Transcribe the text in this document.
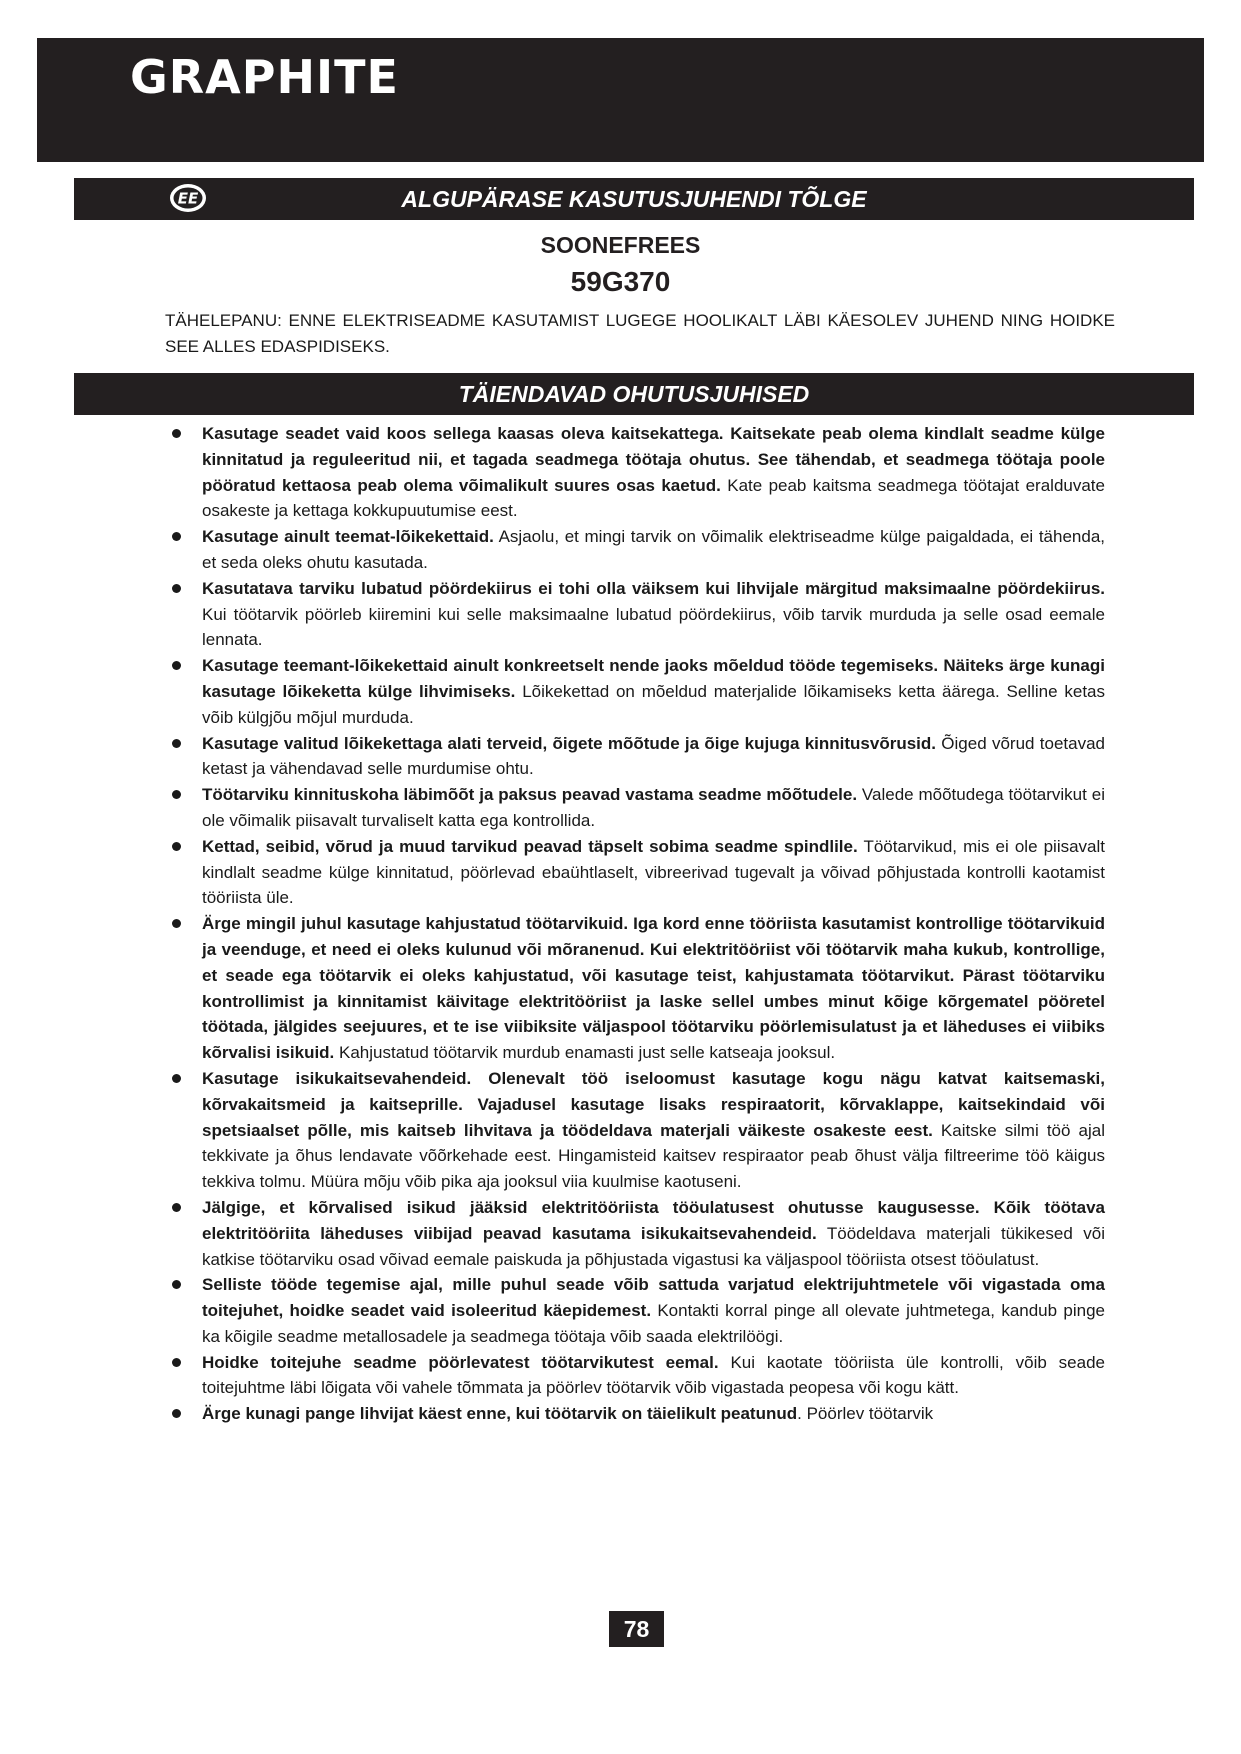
GRAPHITE
EE	ALGUPÄRASE KASUTUSJUHENDI TÕLGE
SOONEFREES
59G370
TÄHELEPANU: ENNE ELEKTRISEADME KASUTAMIST LUGEGE HOOLIKALT LÄBI KÄESOLEV JUHEND NING HOIDKE SEE ALLES EDASPIDISEKS.
TÄIENDAVAD OHUTUSJUHISED
Kasutage seadet vaid koos sellega kaasas oleva kaitsekattega. Kaitsekate peab olema kindlalt seadme külge kinnitatud ja reguleeritud nii, et tagada seadmega töötaja ohutus. See tähendab, et seadmega töötaja poole pööratud kettaosa peab olema võimalikult suures osas kaetud. Kate peab kaitsma seadmega töötajat eralduvate osakeste ja kettaga kokkupuutumise eest.
Kasutage ainult teemat-lõikekettaid. Asjaolu, et mingi tarvik on võimalik elektriseadme külge paigaldada, ei tähenda, et seda oleks ohutu kasutada.
Kasutatava tarviku lubatud pöördekiirus ei tohi olla väiksem kui lihvijale märgitud maksimaalne pöördekiirus. Kui töötarvik pöörleb kiiremini kui selle maksimaalne lubatud pöördekiirus, võib tarvik murduda ja selle osad eemale lennata.
Kasutage teemant-lõikekettaid ainult konkreetselt nende jaoks mõeldud tööde tegemiseks. Näiteks ärge kunagi kasutage lõikeketta külge lihvimiseks. Lõikekettad on mõeldud materjalide lõikamiseks ketta äärega. Selline ketas võib külgjõu mõjul murduda.
Kasutage valitud lõikekettaga alati terveid, õigete mõõtude ja õige kujuga kinnitusvõrusid. Õiged võrud toetavad ketast ja vähendavad selle murdumise ohtu.
Töötarviku kinnituskoha läbimõõt ja paksus peavad vastama seadme mõõtudele. Valede mõõtudega töötarvikut ei ole võimalik piisavalt turvaliselt katta ega kontrollida.
Kettad, seibid, võrud ja muud tarvikud peavad täpselt sobima seadme spindlile. Töötarvikud, mis ei ole piisavalt kindlalt seadme külge kinnitatud, pöörlevad ebaühtlaselt, vibreerivad tugevalt ja võivad põhjustada kontrolli kaotamist tööriista üle.
Ärge mingil juhul kasutage kahjustatud töötarvikuid. Iga kord enne tööriista kasutamist kontrollige töötarvikuid ja veenduge, et need ei oleks kulunud või mõranenud. Kui elektritööriist või töötarvik maha kukub, kontrollige, et seade ega töötarvik ei oleks kahjustatud, või kasutage teist, kahjustamata töötarvikut. Pärast töötarviku kontrollimist ja kinnitamist käivitage elektritööriist ja laske sellel umbes minut kõige kõrgematel pööretel töötada, jälgides seejuures, et te ise viibiksite väljaspool töötarviku pöörlemisulatust ja et läheduses ei viibiks kõrvalisi isikuid. Kahjustatud töötarvik murdub enamasti just selle katseaja jooksul.
Kasutage isikukaitsevahendeid. Olenevalt töö iseloomust kasutage kogu nägu katvat kaitsemaski, kõrvakaitsmeid ja kaitseprille. Vajadusel kasutage lisaks respiraatorit, kõrvaklappe, kaitsekindaid või spetsiaalset põlle, mis kaitseb lihvitava ja töödeldava materjali väikeste osakeste eest. Kaitske silmi töö ajal tekkivate ja õhus lendavate võõrkehade eest. Hingamisteid kaitsev respiraator peab õhust välja filtreerime töö käigus tekkiva tolmu. Müüra mõju võib pika aja jooksul viia kuulmise kaotuseni.
Jälgige, et kõrvalised isikud jääksid elektritööriista tööulatusest ohutusse kaugusesse. Kõik töötava elektritööriita läheduses viibijad peavad kasutama isikukaitsevahendeid. Töödeldava materjali tükikesed või katkise töötarviku osad võivad eemale paiskuda ja põhjustada vigastusi ka väljaspool tööriista otsest tööulatust.
Selliste tööde tegemise ajal, mille puhul seade võib sattuda varjatud elektrijuhtmetele või vigastada oma toitejuhet, hoidke seadet vaid isoleeritud käepidemest. Kontakti korral pinge all olevate juhtmetega, kandub pinge ka kõigile seadme metallosadele ja seadmega töötaja võib saada elektrilöögi.
Hoidke toitejuhe seadme pöörlevatest töötarvikutest eemal. Kui kaotate tööriista üle kontrolli, võib seade toitejuhtme läbi lõigata või vahele tõmmata ja pöörlev töötarvik võib vigastada peopesa või kogu kätt.
Ärge kunagi pange lihvijat käest enne, kui töötarvik on täielikult peatunud. Pöörlev töötarvik
78
